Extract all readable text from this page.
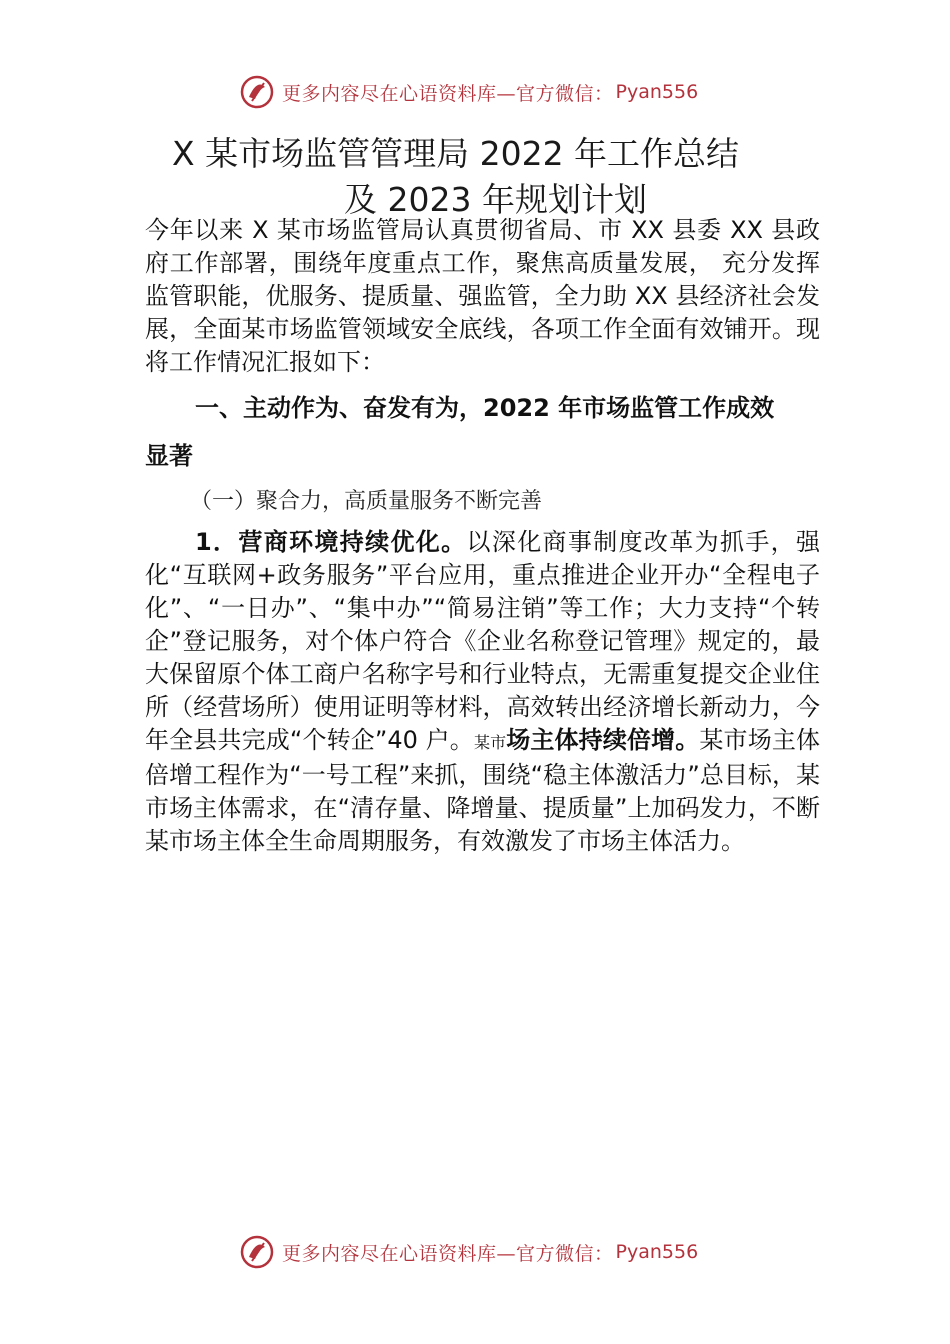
更多内容尽在心语资料库—官方微信： Pyan556
X 某市场监管管理局 2022 年工作总结
及 2023 年规划计划
今年以来 X 某市场监管局认真贯彻省局、市 XX 县委 XX 县政府工作部署，围绕年度重点工作，聚焦高质量发展， 充分发挥监管职能，优服务、提质量、强监管，全力助 XX 县经济社会发展，全面某市场监管领域安全底线，各项工作全面有效铺开。现将工作情况汇报如下：
一、主动作为、奋发有为，2022 年市场监管工作成效
显著
（一）聚合力，高质量服务不断完善
1．营商环境持续优化。以深化商事制度改革为抓手，强化“互联网+政务服务”平台应用，重点推进企业开办“全程电子化”、“一日办”、“集中办”“简易注销”等工作；大力支持“个转企”登记服务，对个体户符合《企业名称登记管理》规定的，最大保留原个体工商户名称字号和行业特点，无需重复提交企业住所（经营场所）使用证明等材料，高效转出经济增长新动力，今年全县共完成“个转企”40 户。某市场主体持续倍增。某市场主体倍增工程作为“一号工程”来抓，围绕“稳主体激活力”总目标，某市场主体需求，在“清存量、降增量、提质量”上加码发力，不断某市场主体全生命周期服务，有效激发了市场主体活力。
更多内容尽在心语资料库—官方微信： Pyan556
